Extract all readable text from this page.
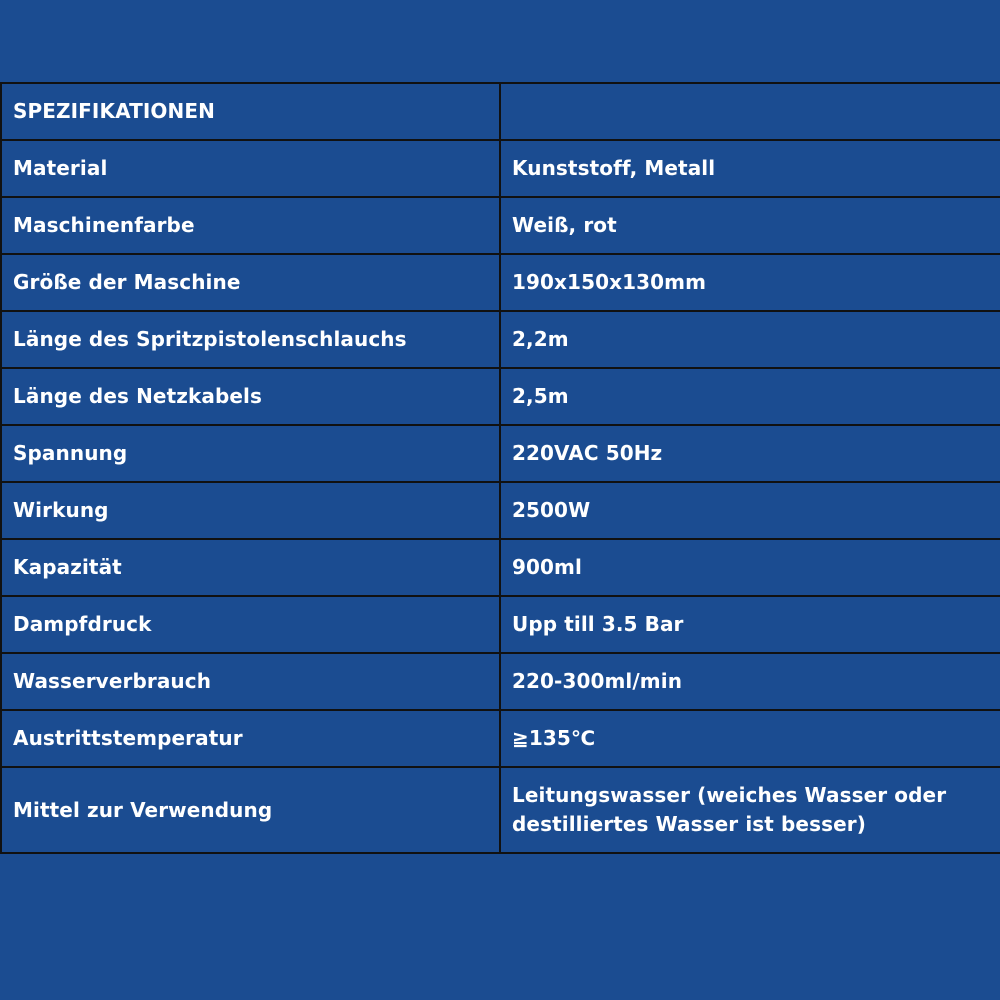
SPEZIFIKATIONEN	
Material	Kunststoff, Metall
Maschinenfarbe	Weiß, rot
Größe der Maschine	190x150x130mm
Länge des Spritzpistolenschlauchs	2,2m
Länge des Netzkabels	2,5m
Spannung	220VAC 50Hz
Wirkung	2500W
Kapazität	900ml
Dampfdruck	Upp till 3.5 Bar
Wasserverbrauch	220-300ml/min
Austrittstemperatur	≧135℃
Mittel zur Verwendung	Leitungswasser (weiches Wasser oder destilliertes Wasser ist besser)
